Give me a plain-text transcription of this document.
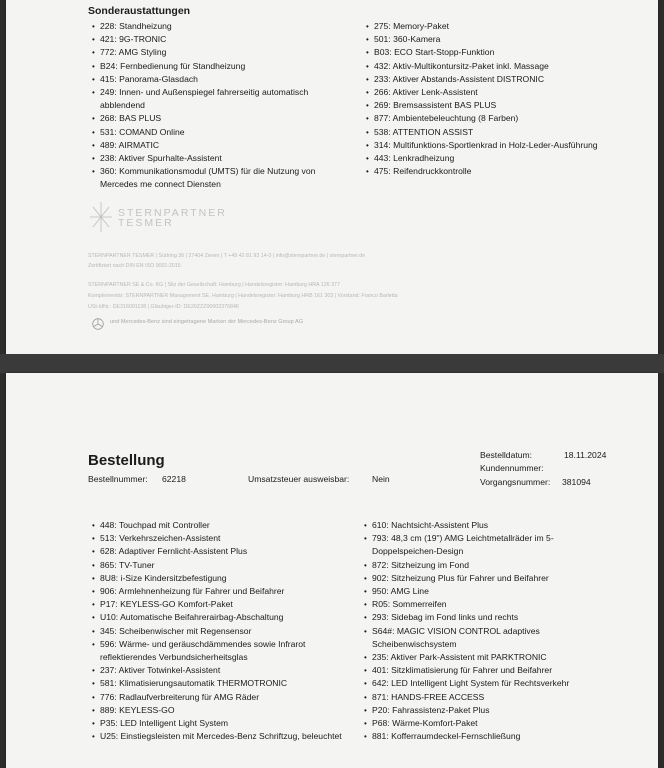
Sonderaustattungen
• 228: Standheizung
• 421: 9G-TRONIC
• 772: AMG Styling
• B24: Fernbedienung für Standheizung
• 415: Panorama-Glasdach
• 249: Innen- und Außenspiegel fahrerseitig automatisch abblendend
• 268: BAS PLUS
• 531: COMAND Online
• 489: AIRMATIC
• 238: Aktiver Spurhalte-Assistent
• 360: Kommunikationsmodul (UMTS) für die Nutzung von Mercedes me connect Diensten
• 275: Memory-Paket
• 501: 360-Kamera
• B03: ECO Start-Stopp-Funktion
• 432: Aktiv-Multikontursitz-Paket inkl. Massage
• 233: Aktiver Abstands-Assistent DISTRONIC
• 266: Aktiver Lenk-Assistent
• 269: Bremsassistent BAS PLUS
• 877: Ambientebeleuchtung (8 Farben)
• 538: ATTENTION ASSIST
• 314: Multifunktions-Sportlenkrad in Holz-Leder-Ausführung
• 443: Lenkradheizung
• 475: Reifendruckkontrolle
STERNPARTNER
TESMER
STERNPARTNER TESMER | Südring 36 | 27404 Zeven | T +49 42 81 93 14-0 | info@sternpartner.de | sternpartner.de
Zertifiziert nach DIN EN ISO 9001:2015
STERNPARTNER SE & Co. KG | Sitz der Gesellschaft: Hamburg | Handelsregister: Hamburg HRA 126 377
Komplementär: STERNPARTNER Management SE, Hamburg | Handelsregister: Hamburg HRB 161 303 | Vorstand: Franco Barletta
USt-IdNr.: DE316091138 | Gläubiger-ID: DE20ZZZ00002376846
und Mercedes-Benz sind eingetragene Marken der Mercedes-Benz Group AG
Bestellung
Bestellnummer: 62218	Umsatzsteuer ausweisbar:	Nein
Bestelldatum:	18.11.2024
Kundennummer:
Vorgangsnummer: 381094
• 448: Touchpad mit Controller
• 513: Verkehrszeichen-Assistent
• 628: Adaptiver Fernlicht-Assistent Plus
• 865: TV-Tuner
• 8U8: i-Size Kindersitzbefestigung
• 906: Armlehnenheizung für Fahrer und Beifahrer
• P17: KEYLESS-GO Komfort-Paket
• U10: Automatische Beifahrerairbag-Abschaltung
• 345: Scheibenwischer mit Regensensor
• 596: Wärme- und geräuschdämmendes sowie Infrarot reflektierendes Verbundsicherheitsglas
• 237: Aktiver Totwinkel-Assistent
• 581: Klimatisierungsautomatik THERMOTRONIC
• 776: Radlaufverbreiterung für AMG Räder
• 889: KEYLESS-GO
• P35: LED Intelligent Light System
• U25: Einstiegsleisten mit Mercedes-Benz Schriftzug, beleuchtet
• 610: Nachtsicht-Assistent Plus
• 793: 48,3 cm (19") AMG Leichtmetallräder im 5-Doppelspeichen-Design
• 872: Sitzheizung im Fond
• 902: Sitzheizung Plus für Fahrer und Beifahrer
• 950: AMG Line
• R05: Sommerreifen
• 293: Sidebag im Fond links und rechts
• S64#: MAGIC VISION CONTROL adaptives Scheibenwischsystem
• 235: Aktiver Park-Assistent mit PARKTRONIC
• 401: Sitzklimatisierung für Fahrer und Beifahrer
• 642: LED Intelligent Light System für Rechtsverkehr
• 871: HANDS-FREE ACCESS
• P20: Fahrassistenz-Paket Plus
• P68: Wärme-Komfort-Paket
• 881: Kofferraumdeckel-Fernschließung
